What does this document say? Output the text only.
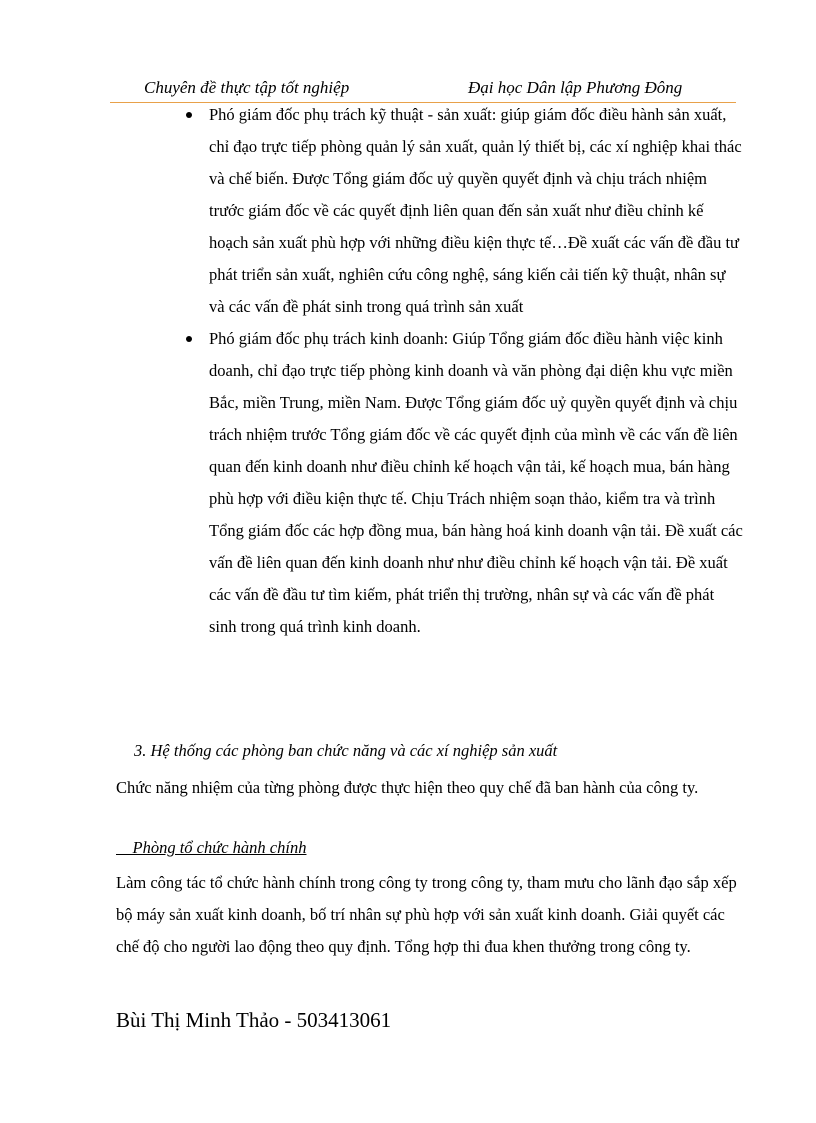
Chuyên đề thực tập tốt nghiệp	Đại học Dân lập Phương Đông
Phó giám đốc phụ trách kỹ thuật - sản xuất: giúp giám đốc điều hành sản xuất, chỉ đạo trực tiếp phòng quản lý sản xuất, quản lý thiết bị, các xí nghiệp khai thác và chế biến. Được Tổng giám đốc uỷ quyền quyết định và chịu trách nhiệm trước giám đốc về các quyết định liên quan đến sản xuất như điều chỉnh kế hoạch sản xuất phù hợp với những điều kiện thực tế…Đề xuất các vấn đề đầu tư phát triển sản xuất, nghiên cứu công nghệ, sáng kiến cải tiến kỹ thuật, nhân sự và các vấn đề phát sinh trong quá trình sản xuất
Phó giám đốc phụ trách kinh doanh: Giúp Tổng giám đốc điều hành việc kinh doanh, chỉ đạo trực tiếp phòng kinh doanh và văn phòng đại diện khu vực miền Bắc, miền Trung, miền Nam. Được Tổng giám đốc uỷ quyền quyết định và chịu trách nhiệm trước Tổng giám đốc về các quyết định của mình về các vấn đề liên quan đến kinh doanh như điều chỉnh kế hoạch vận tải, kế hoạch mua, bán hàng phù hợp với điều kiện thực tế. Chịu Trách nhiệm soạn thảo, kiểm tra và trình Tổng giám đốc các hợp đồng mua, bán hàng hoá kinh doanh vận tải. Đề xuất các vấn đề liên quan đến kinh doanh như như điều chỉnh kế hoạch vận tải. Đề xuất các vấn đề đầu tư tìm kiếm, phát triển thị trường, nhân sự và các vấn đề phát sinh trong quá trình kinh doanh.
3. Hệ thống các phòng ban chức năng và các xí nghiệp sản xuất
Chức năng nhiệm của từng phòng được thực hiện theo quy chế đã ban hành của công ty.
Phòng tổ chức hành chính
Làm công tác tổ chức hành chính trong công ty trong công ty, tham mưu cho lãnh đạo sắp xếp bộ máy sản xuất kinh doanh, bố trí nhân sự phù hợp với sản xuất kinh doanh. Giải quyết các chế độ cho người lao động theo quy định. Tổng hợp thi đua khen thưởng trong công ty.
Bùi Thị Minh Thảo - 503413061
